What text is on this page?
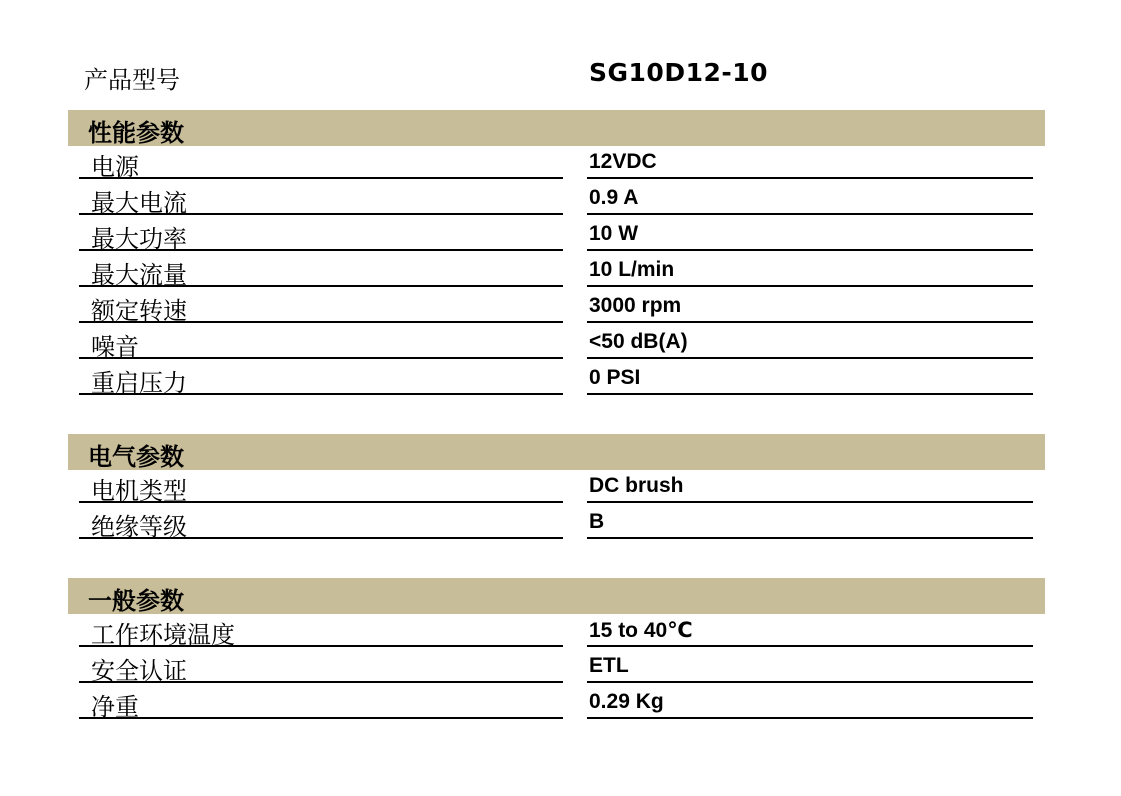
产品型号	SG10D12-10
性能参数
电源	12VDC
最大电流	0.9 A
最大功率	10 W
最大流量	10 L/min
额定转速	3000 rpm
噪音	<50 dB(A)
重启压力	0 PSI
电气参数
电机类型	DC brush
绝缘等级	B
一般参数
工作环境温度	15 to 40℃
安全认证	ETL
净重	0.29 Kg
